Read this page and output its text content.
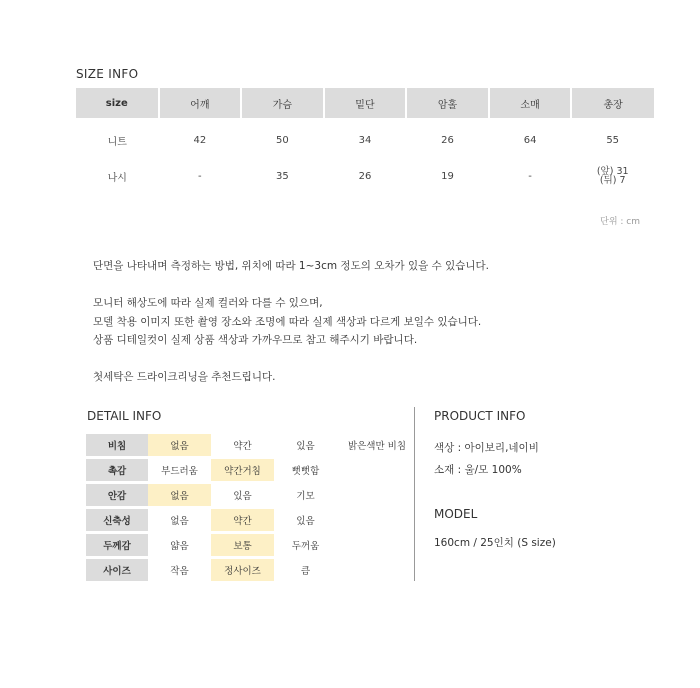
SIZE INFO
size	어깨	가슴	밑단	암홀	소매	총장
니트	42	50	34	26	64	55
나시	-	35	26	19	-	(앞) 31
(뒤) 7
단위 : cm
단면을 나타내며 측정하는 방법, 위치에 따라 1~3cm 정도의 오차가 있을 수 있습니다.
모니터 해상도에 따라 실제 컬러와 다를 수 있으며,
모델 착용 이미지 또한 촬영 장소와 조명에 따라 실제 색상과 다르게 보일수 있습니다.
상품 디테일컷이 실제 상품 색상과 가까우므로 참고 해주시기 바랍니다.
첫세탁은 드라이크리닝을 추천드립니다.
DETAIL INFO
비침	없음	약간	있음	밝은색만 비침
촉감	부드러움	약간거침	뻣뻣함	
안감	없음	있음	기모	
신축성	없음	약간	있음	
두께감	얇음	보통	두꺼움	
사이즈	작음	정사이즈	큼	
PRODUCT INFO
색상 : 아이보리,네이비
소재 : 울/모 100%
MODEL
160cm / 25인치 (S size)
